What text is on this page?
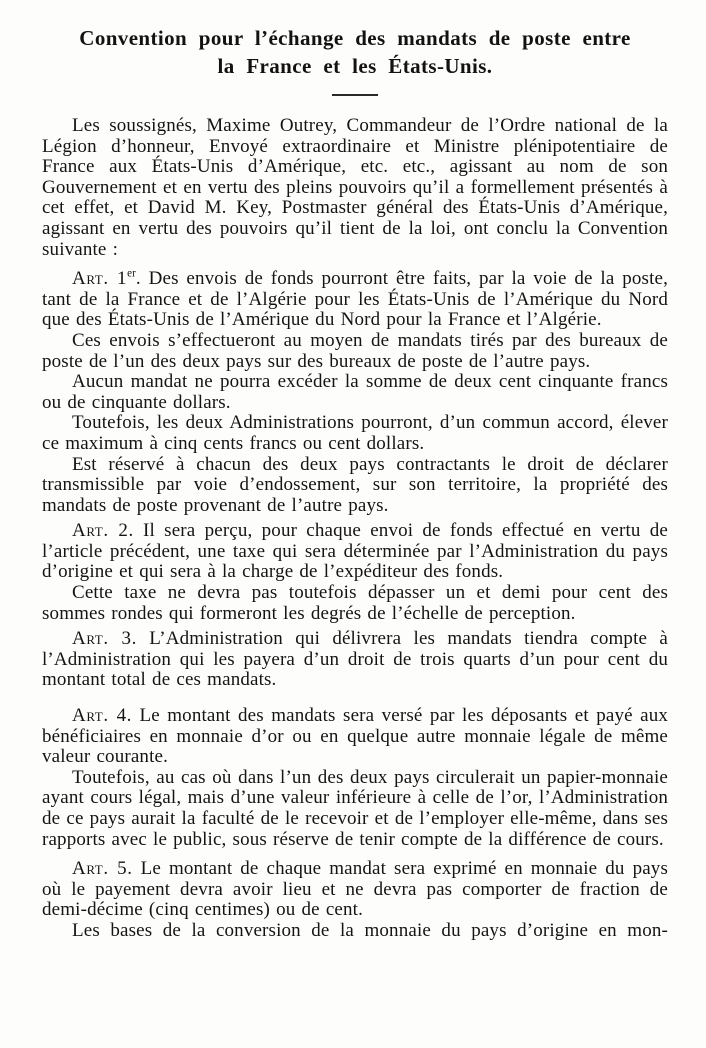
Convention pour l’échange des mandats de poste entre
la France et les États-Unis.

Les soussignés, Maxime Outrey, Commandeur de l’Ordre national de la Légion d’honneur, Envoyé extraordinaire et Ministre plénipotentiaire de France aux États-Unis d’Amérique, etc. etc., agissant au nom de son Gouvernement et en vertu des pleins pouvoirs qu’il a formellement présentés à cet effet, et David M. Key, Postmaster général des États-Unis d’Amérique, agissant en vertu des pouvoirs qu’il tient de la loi, ont conclu la Convention suivante :

Art. 1er. Des envois de fonds pourront être faits, par la voie de la poste, tant de la France et de l’Algérie pour les États-Unis de l’Amérique du Nord que des États-Unis de l’Amérique du Nord pour la France et l’Algérie.

Ces envois s’effectueront au moyen de mandats tirés par des bureaux de poste de l’un des deux pays sur des bureaux de poste de l’autre pays.

Aucun mandat ne pourra excéder la somme de deux cent cinquante francs ou de cinquante dollars.

Toutefois, les deux Administrations pourront, d’un commun accord, élever ce maximum à cinq cents francs ou cent dollars.

Est réservé à chacun des deux pays contractants le droit de déclarer transmissible par voie d’endossement, sur son territoire, la propriété des mandats de poste provenant de l’autre pays.

Art. 2. Il sera perçu, pour chaque envoi de fonds effectué en vertu de l’article précédent, une taxe qui sera déterminée par l’Administration du pays d’origine et qui sera à la charge de l’expéditeur des fonds.

Cette taxe ne devra pas toutefois dépasser un et demi pour cent des sommes rondes qui formeront les degrés de l’échelle de perception.

Art. 3. L’Administration qui délivrera les mandats tiendra compte à l’Administration qui les payera d’un droit de trois quarts d’un pour cent du montant total de ces mandats.

Art. 4. Le montant des mandats sera versé par les déposants et payé aux bénéficiaires en monnaie d’or ou en quelque autre monnaie légale de même valeur courante.

Toutefois, au cas où dans l’un des deux pays circulerait un papier-monnaie ayant cours légal, mais d’une valeur inférieure à celle de l’or, l’Administration de ce pays aurait la faculté de le recevoir et de l’employer elle-même, dans ses rapports avec le public, sous réserve de tenir compte de la différence de cours.

Art. 5. Le montant de chaque mandat sera exprimé en monnaie du pays où le payement devra avoir lieu et ne devra pas comporter de fraction de demi-décime (cinq centimes) ou de cent.

Les bases de la conversion de la monnaie du pays d’origine en mon-
